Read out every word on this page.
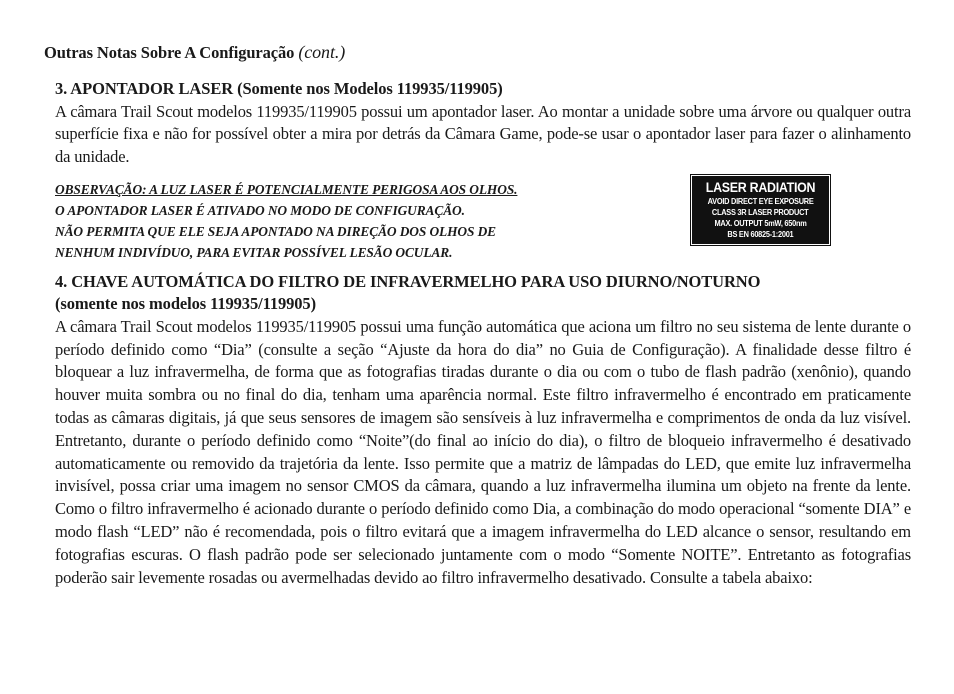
Outras Notas Sobre A Configuração (cont.)
3. APONTADOR LASER (Somente nos Modelos 119935/119905)

A câmara Trail Scout modelos 119935/119905 possui um apontador laser. Ao montar a unidade sobre uma árvore ou qualquer outra superfície fixa e não for possível obter a mira por detrás da Câmara Game, pode-se usar o apontador laser para fazer o alinhamento da unidade.

OBSERVAÇÃO: A LUZ LASER É POTENCIALMENTE PERIGOSA AOS OLHOS.
O APONTADOR LASER É ATIVADO NO MODO DE CONFIGURAÇÃO.
NÃO PERMITA QUE ELE SEJA APONTADO NA DIREÇÃO DOS OLHOS DE
NENHUM INDIVÍDUO, PARA EVITAR POSSÍVEL LESÃO OCULAR.
LASER RADIATION
AVOID DIRECT EYE EXPOSURE
CLASS 3R LASER PRODUCT
MAX. OUTPUT 5mW, 650nm
BS EN 60825-1:2001
4. CHAVE AUTOMÁTICA DO FILTRO DE INFRAVERMELHO PARA USO DIURNO/NOTURNO
(somente nos modelos 119935/119905)

A câmara Trail Scout modelos 119935/119905 possui uma função automática que aciona um filtro no seu sistema de lente durante o período definido como “Dia” (consulte a seção “Ajuste da hora do dia” no Guia de Configuração). A finalidade desse filtro é bloquear a luz infravermelha, de forma que as fotografias tiradas durante o dia ou com o tubo de flash padrão (xenônio), quando houver muita sombra ou no final do dia, tenham uma aparência normal. Este filtro infravermelho é encontrado em praticamente todas as câmaras digitais, já que seus sensores de imagem são sensíveis à luz infravermelha e comprimentos de onda da luz visível. Entretanto, durante o período definido como “Noite”(do final ao início do dia), o filtro de bloqueio infravermelho é desativado automaticamente ou removido da trajetória da lente. Isso permite que a matriz de lâmpadas do LED, que emite luz infravermelha invisível, possa criar uma imagem no sensor CMOS da câmara, quando a luz infravermelha ilumina um objeto na frente da lente. Como o filtro infravermelho é acionado durante o período definido como Dia, a combinação do modo operacional “somente DIA” e modo flash “LED” não é recomendada, pois o filtro evitará que a imagem infravermelha do LED alcance o sensor, resultando em fotografias escuras. O flash padrão pode ser selecionado juntamente com o modo “Somente NOITE”. Entretanto as fotografias poderão sair levemente rosadas ou avermelhadas devido ao filtro infravermelho desativado. Consulte a tabela abaixo:
